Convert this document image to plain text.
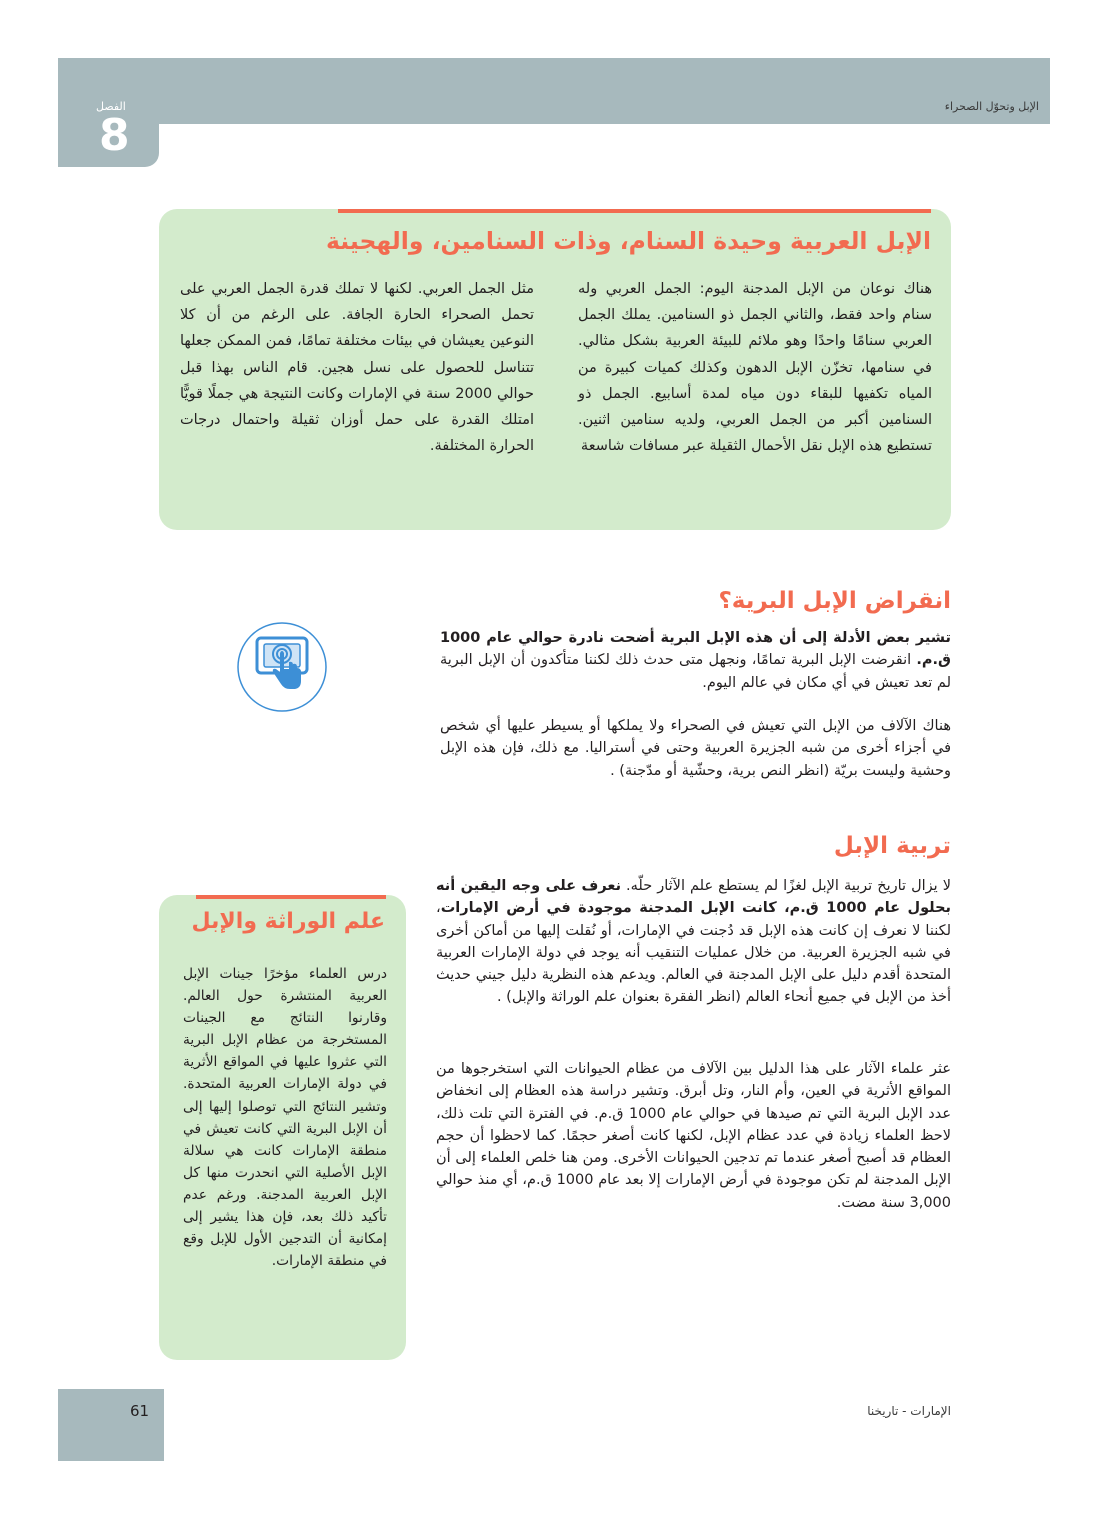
الإبل وتحوّل الصحراء
الفصل
8
الإبل العربية وحيدة السنام، وذات السنامين، والهجينة
هناك نوعان من الإبل المدجنة اليوم: الجمل العربي وله سنام واحد فقط، والثاني الجمل ذو السنامين. يملك الجمل العربي سنامًا واحدًا وهو ملائم للبيئة العربية بشكل مثالي. في سنامها، تخزّن الإبل الدهون وكذلك كميات كبيرة من المياه تكفيها للبقاء دون مياه لمدة أسابيع. الجمل ذو السنامين أكبر من الجمل العربي، ولديه سنامين اثنين. تستطيع هذه الإبل نقل الأحمال الثقيلة عبر مسافات شاسعة
مثل الجمل العربي. لكنها لا تملك قدرة الجمل العربي على تحمل الصحراء الحارة الجافة. على الرغم من أن كلا النوعين يعيشان في بيئات مختلفة تمامًا، فمن الممكن جعلها تتناسل للحصول على نسل هجين. قام الناس بهذا قبل حوالي 2000 سنة في الإمارات وكانت النتيجة هي جملًا قويًّا امتلك القدرة على حمل أوزان ثقيلة واحتمال درجات الحرارة المختلفة.
انقراض الإبل البرية؟
تشير بعض الأدلة إلى أن هذه الإبل البرية أضحت نادرة حوالي عام 1000 ق.م. انقرضت الإبل البرية تمامًا، ونجهل متى حدث ذلك لكننا متأكدون أن الإبل البرية لم تعد تعيش في أي مكان في عالم اليوم.
هناك الآلاف من الإبل التي تعيش في الصحراء ولا يملكها أو يسيطر عليها أي شخص في أجزاء أخرى من شبه الجزيرة العربية وحتى في أستراليا. مع ذلك، فإن هذه الإبل وحشية وليست بريّة (انظر النص برية، وحشّية أو مدّجنة) .
تربية الإبل
لا يزال تاريخ تربية الإبل لغزًا لم يستطع علم الآثار حلّه. نعرف على وجه اليقين أنه بحلول عام 1000 ق.م، كانت الإبل المدجنة موجودة في أرض الإمارات، لكننا لا نعرف إن كانت هذه الإبل قد دُجنت في الإمارات، أو نُقلت إليها من أماكن أخرى في شبه الجزيرة العربية. من خلال عمليات التنقيب أنه يوجد في دولة الإمارات العربية المتحدة أقدم دليل على الإبل المدجنة في العالم. ويدعم هذه النظرية دليل جيني حديث أخذ من الإبل في جميع أنحاء العالم (انظر الفقرة بعنوان علم الوراثة والإبل) .
عثر علماء الآثار على هذا الدليل بين الآلاف من عظام الحيوانات التي استخرجوها من المواقع الأثرية في العين، وأم النار، وتل أبرق. وتشير دراسة هذه العظام إلى انخفاض عدد الإبل البرية التي تم صيدها في حوالي عام 1000 ق.م. في الفترة التي تلت ذلك، لاحظ العلماء زيادة في عدد عظام الإبل، لكنها كانت أصغر حجمًا. كما لاحظوا أن حجم العظام قد أصبح أصغر عندما تم تدجين الحيوانات الأخرى. ومن هنا خلص العلماء إلى أن الإبل المدجنة لم تكن موجودة في أرض الإمارات إلا بعد عام 1000 ق.م، أي منذ حوالي 3,000 سنة مضت.
علم الوراثة والإبل
درس العلماء مؤخرًا جينات الإبل العربية المنتشرة حول العالم. وقارنوا النتائج مع الجينات المستخرجة من عظام الإبل البرية التي عثروا عليها في المواقع الأثرية في دولة الإمارات العربية المتحدة. وتشير النتائج التي توصلوا إليها إلى أن الإبل البرية التي كانت تعيش في منطقة الإمارات كانت هي سلالة الإبل الأصلية التي انحدرت منها كل الإبل العربية المدجنة. ورغم عدم تأكيد ذلك بعد، فإن هذا يشير إلى إمكانية أن التدجين الأول للإبل وقع في منطقة الإمارات.
61	الإمارات - تاريخنا
